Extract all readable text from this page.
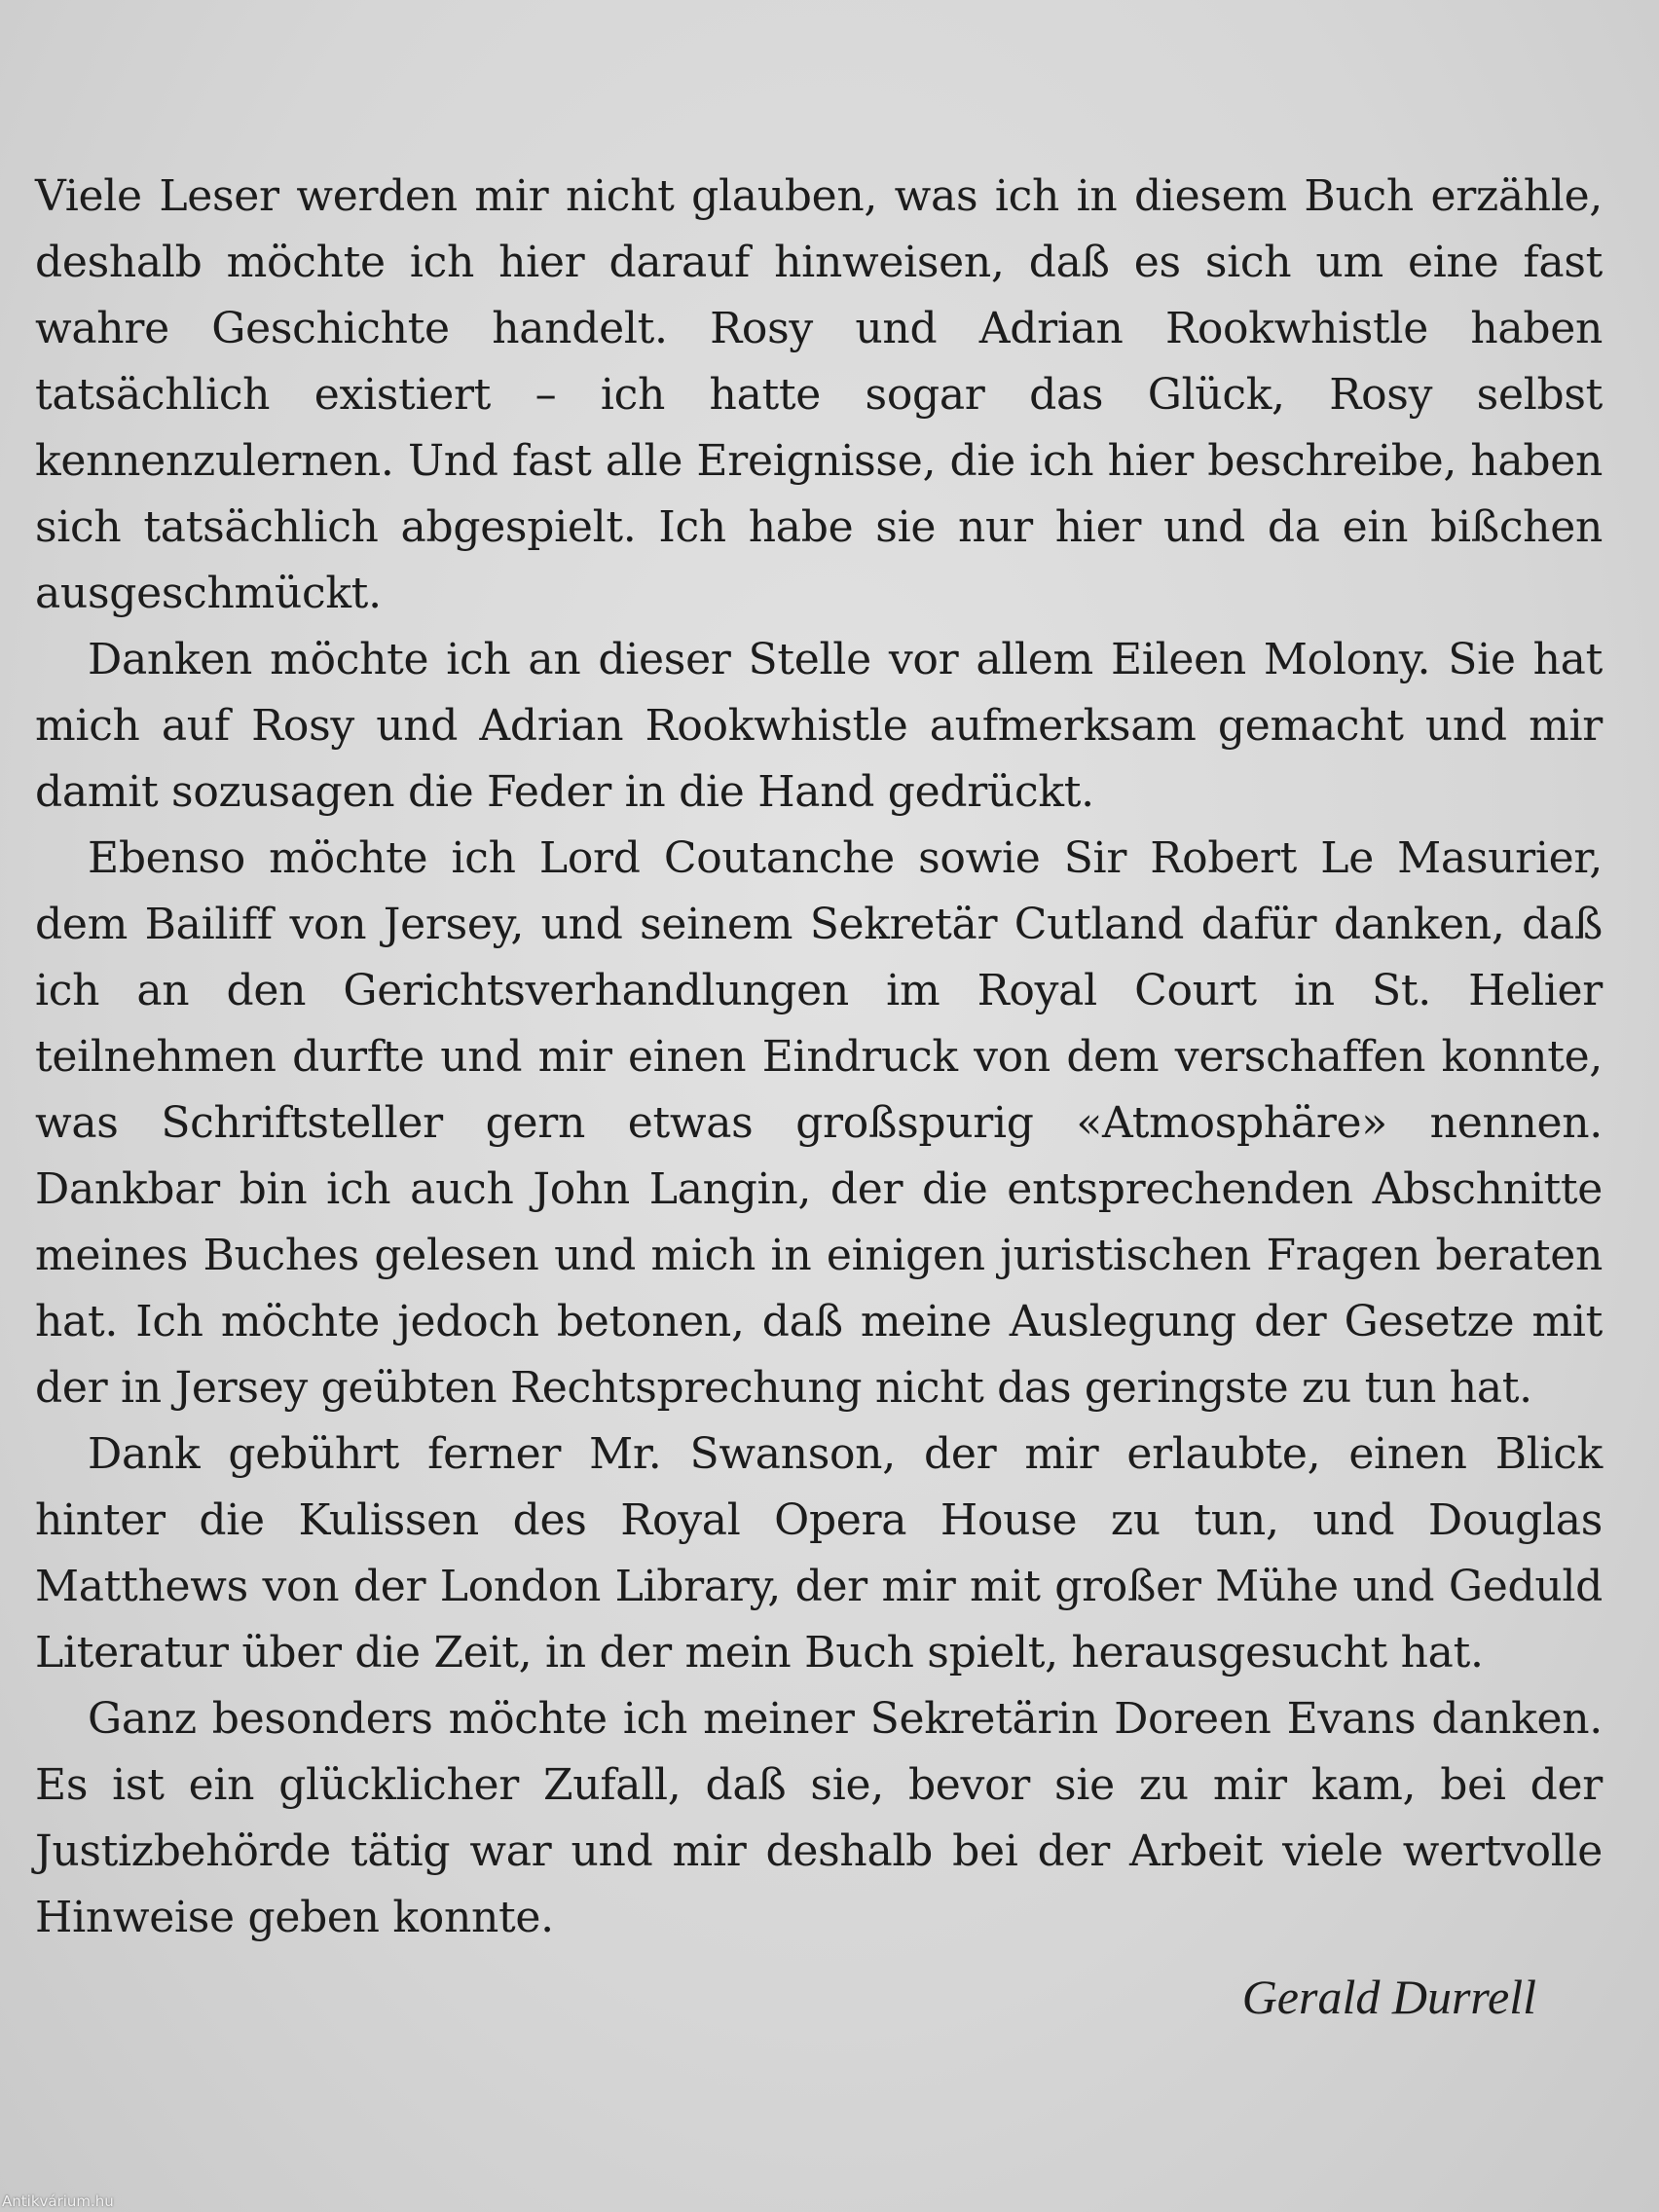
Viele Leser werden mir nicht glauben, was ich in diesem Buch erzähle, deshalb möchte ich hier darauf hinweisen, daß es sich um eine fast wahre Geschichte handelt. Rosy und Adrian Rookwhistle haben tatsächlich existiert – ich hatte sogar das Glück, Rosy selbst kennenzulernen. Und fast alle Ereignisse, die ich hier beschreibe, haben sich tatsächlich abgespielt. Ich habe sie nur hier und da ein bißchen ausgeschmückt.

Danken möchte ich an dieser Stelle vor allem Eileen Molony. Sie hat mich auf Rosy und Adrian Rookwhistle aufmerksam gemacht und mir damit sozusagen die Feder in die Hand gedrückt.

Ebenso möchte ich Lord Coutanche sowie Sir Robert Le Masurier, dem Bailiff von Jersey, und seinem Sekretär Cutland dafür danken, daß ich an den Gerichtsverhandlungen im Royal Court in St. Helier teilnehmen durfte und mir einen Eindruck von dem verschaffen konnte, was Schriftsteller gern etwas großspurig «Atmosphäre» nennen. Dankbar bin ich auch John Langin, der die entsprechenden Abschnitte meines Buches gelesen und mich in einigen juristischen Fragen beraten hat. Ich möchte jedoch betonen, daß meine Auslegung der Gesetze mit der in Jersey geübten Rechtsprechung nicht das geringste zu tun hat.

Dank gebührt ferner Mr. Swanson, der mir erlaubte, einen Blick hinter die Kulissen des Royal Opera House zu tun, und Douglas Matthews von der London Library, der mir mit großer Mühe und Geduld Literatur über die Zeit, in der mein Buch spielt, herausgesucht hat.

Ganz besonders möchte ich meiner Sekretärin Doreen Evans danken. Es ist ein glücklicher Zufall, daß sie, bevor sie zu mir kam, bei der Justizbehörde tätig war und mir deshalb bei der Arbeit viele wertvolle Hinweise geben konnte.

Gerald Durrell
Antikvárium.hu
